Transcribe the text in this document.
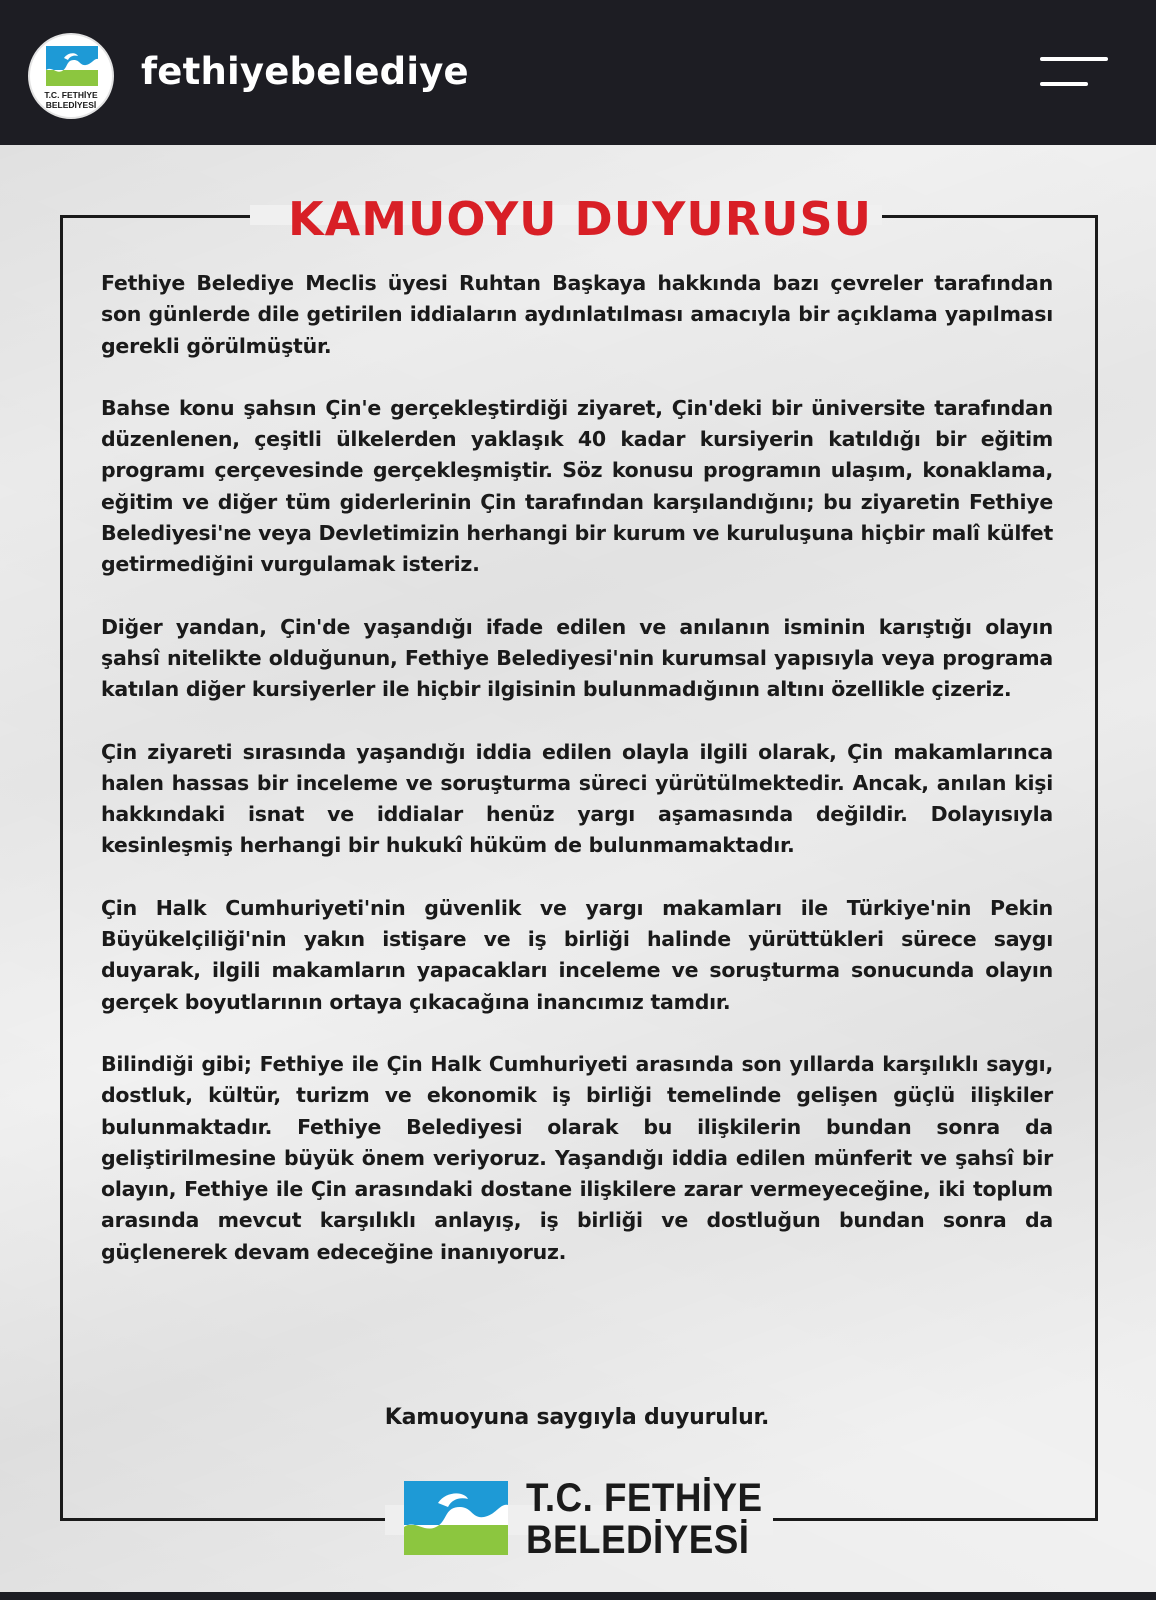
T.C. FETHİYE
BELEDİYESİ
fethiyebelediye
KAMUOYU DUYURUSU

Fethiye Belediye Meclis üyesi Ruhtan Başkaya hakkında bazı çevreler tarafından son günlerde dile getirilen iddiaların aydınlatılması amacıyla bir açıklama yapılması gerekli görülmüştür.

Bahse konu şahsın Çin'e gerçekleştirdiği ziyaret, Çin'deki bir üniversite tarafından düzenlenen, çeşitli ülkelerden yaklaşık 40 kadar kursiyerin katıldığı bir eğitim programı çerçevesinde gerçekleşmiştir. Söz konusu programın ulaşım, konaklama, eğitim ve diğer tüm giderlerinin Çin tarafından karşılandığını; bu ziyaretin Fethiye Belediyesi'ne veya Devletimizin herhangi bir kurum ve kuruluşuna hiçbir malî külfet getirmediğini vurgulamak isteriz.

Diğer yandan, Çin'de yaşandığı ifade edilen ve anılanın isminin karıştığı olayın şahsî nitelikte olduğunun, Fethiye Belediyesi'nin kurumsal yapısıyla veya programa katılan diğer kursiyerler ile hiçbir ilgisinin bulunmadığının altını özellikle çizeriz.

Çin ziyareti sırasında yaşandığı iddia edilen olayla ilgili olarak, Çin makamlarınca halen hassas bir inceleme ve soruşturma süreci yürütülmektedir. Ancak, anılan kişi hakkındaki isnat ve iddialar henüz yargı aşamasında değildir. Dolayısıyla kesinleşmiş herhangi bir hukukî hüküm de bulunmamaktadır.

Çin Halk Cumhuriyeti'nin güvenlik ve yargı makamları ile Türkiye'nin Pekin Büyükelçiliği'nin yakın istişare ve iş birliği halinde yürüttükleri sürece saygı duyarak, ilgili makamların yapacakları inceleme ve soruşturma sonucunda olayın gerçek boyutlarının ortaya çıkacağına inancımız tamdır.

Bilindiği gibi; Fethiye ile Çin Halk Cumhuriyeti arasında son yıllarda karşılıklı saygı, dostluk, kültür, turizm ve ekonomik iş birliği temelinde gelişen güçlü ilişkiler bulunmaktadır. Fethiye Belediyesi olarak bu ilişkilerin bundan sonra da geliştirilmesine büyük önem veriyoruz. Yaşandığı iddia edilen münferit ve şahsî bir olayın, Fethiye ile Çin arasındaki dostane ilişkilere zarar vermeyeceğine, iki toplum arasında mevcut karşılıklı anlayış, iş birliği ve dostluğun bundan sonra da güçlenerek devam edeceğine inanıyoruz.

Kamuoyuna saygıyla duyurulur.
T.C. FETHİYE
BELEDİYESİ
